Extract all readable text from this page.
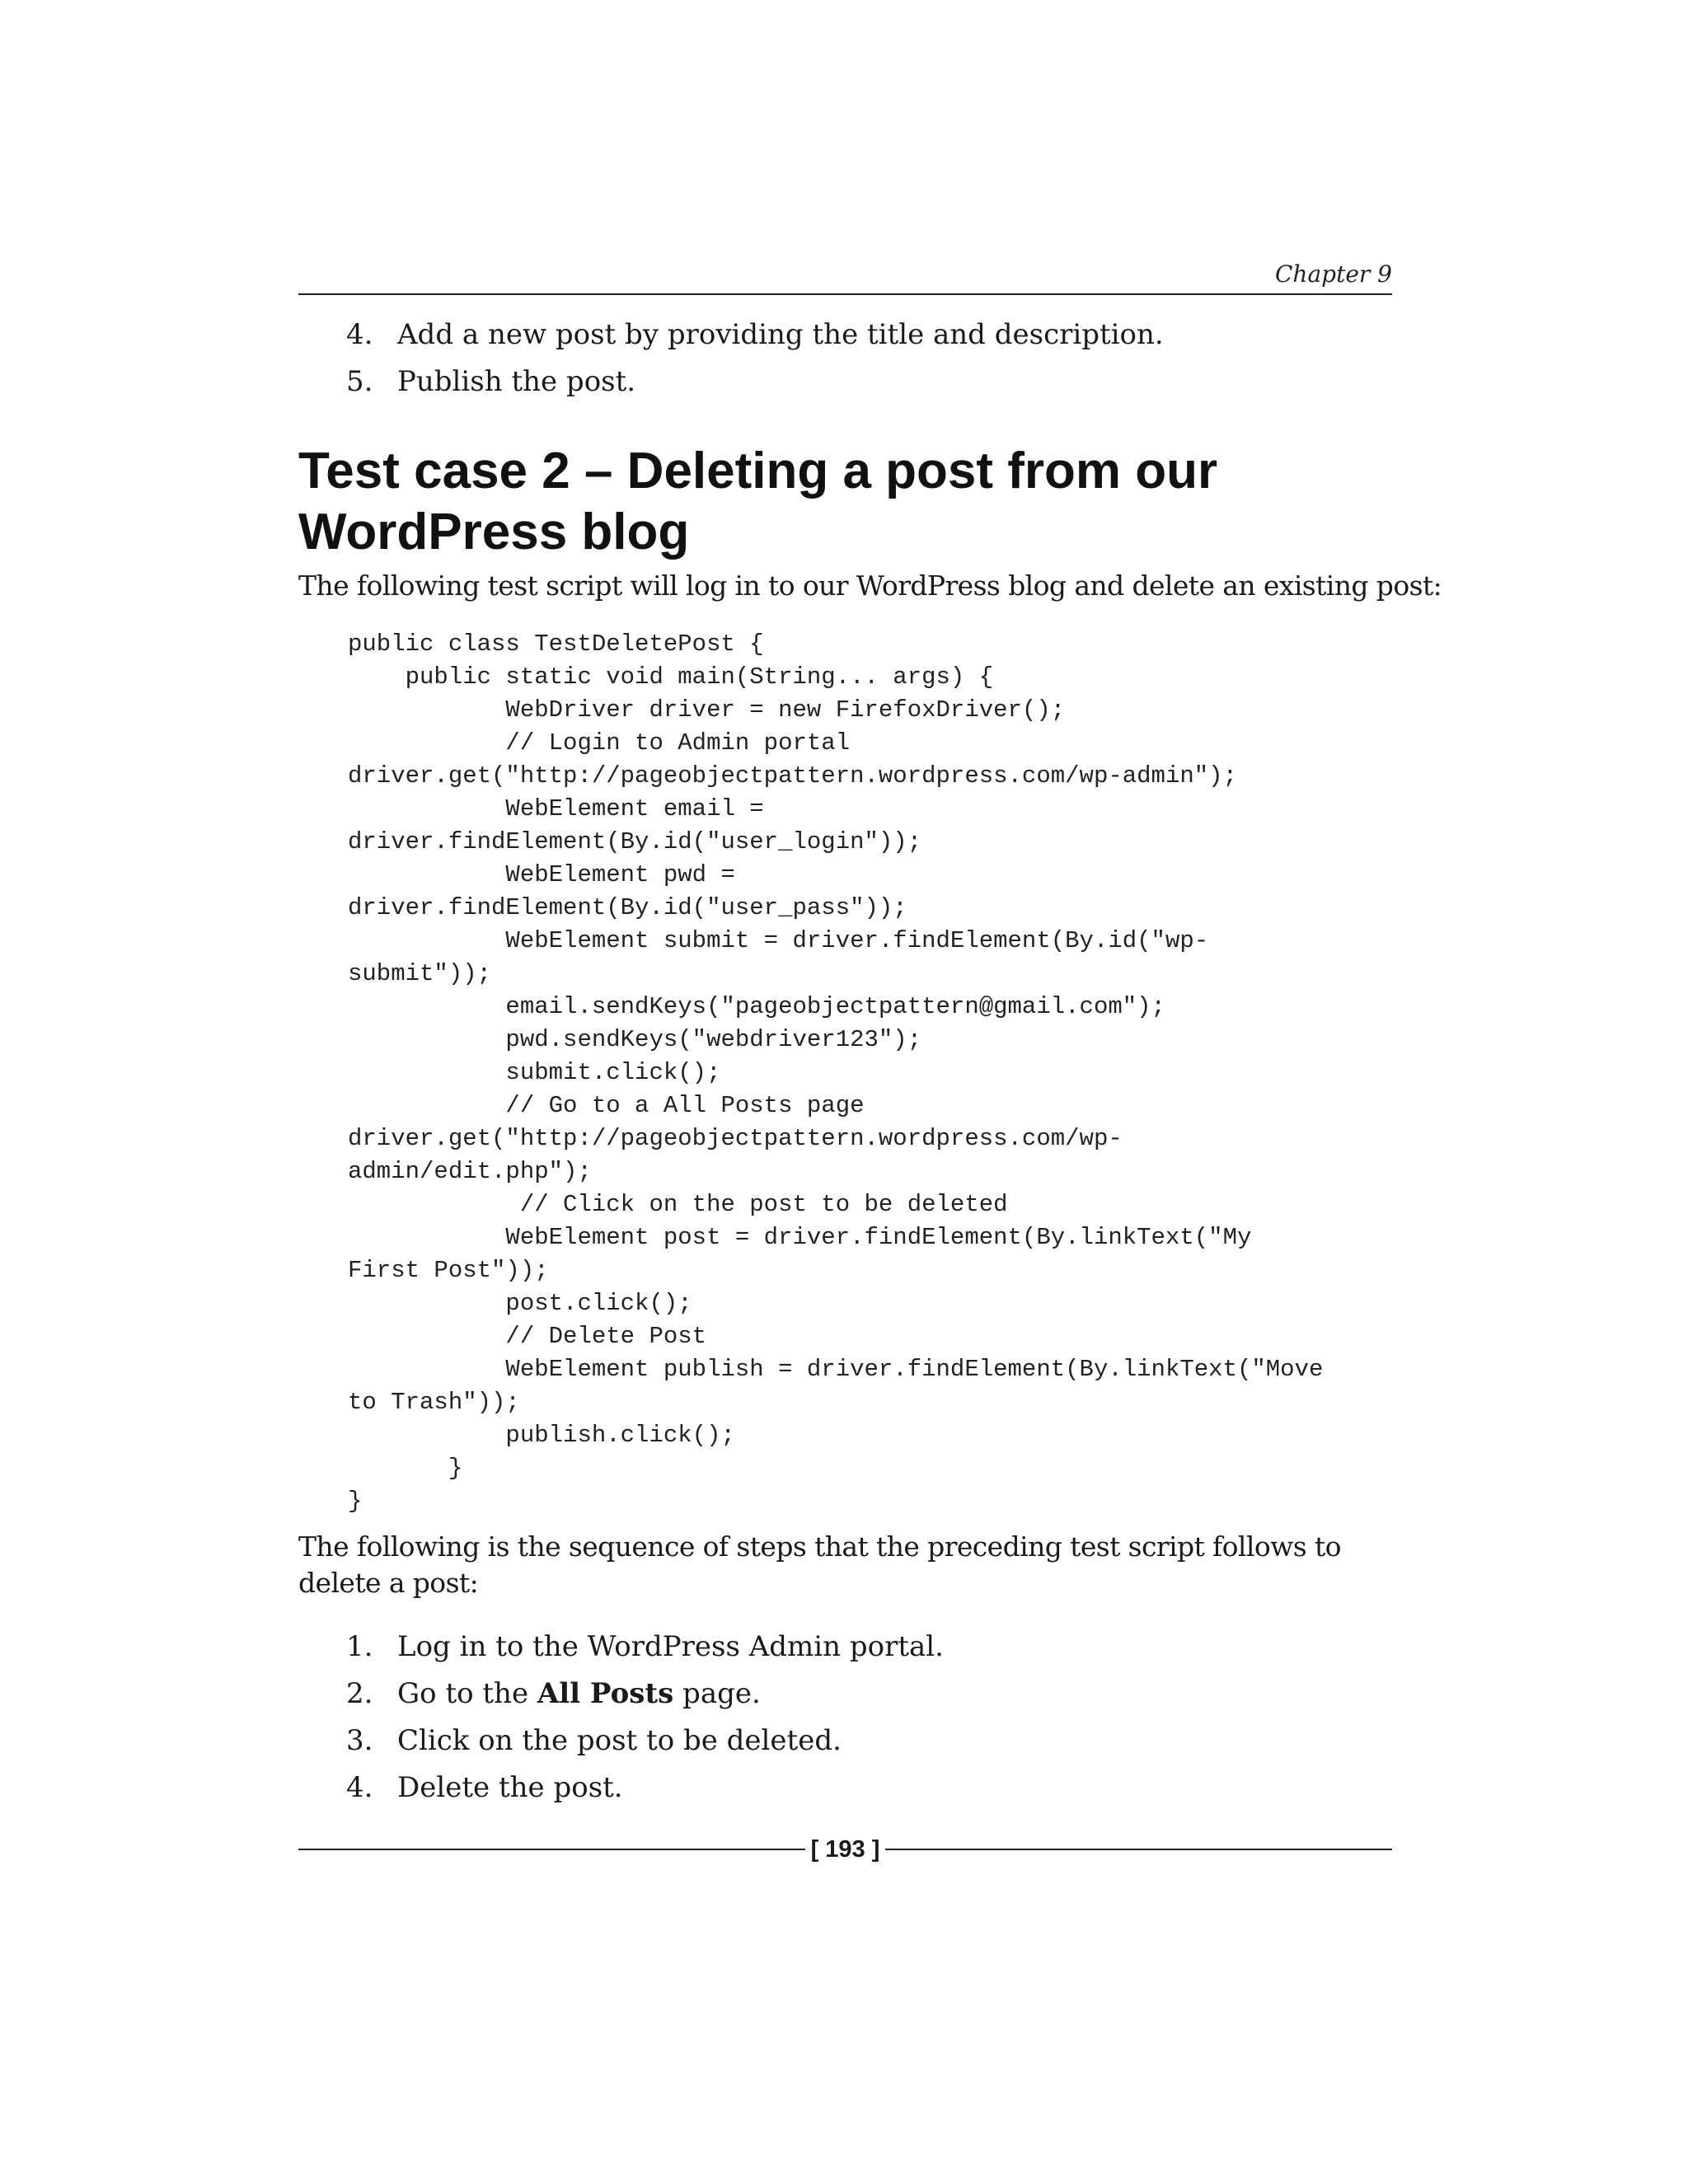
Chapter 9
4. Add a new post by providing the title and description.
5. Publish the post.
Test case 2 – Deleting a post from our
WordPress blog

The following test script will log in to our WordPress blog and delete an existing post:

public class TestDeletePost {
public static void main(String... args) {
WebDriver driver = new FirefoxDriver();
// Login to Admin portal
driver.get("http://pageobjectpattern.wordpress.com/wp-admin");
WebElement email =
driver.findElement(By.id("user_login"));
WebElement pwd =
driver.findElement(By.id("user_pass"));
WebElement submit = driver.findElement(By.id("wp-
submit"));
email.sendKeys("pageobjectpattern@gmail.com");
pwd.sendKeys("webdriver123");
submit.click();
// Go to a All Posts page
driver.get("http://pageobjectpattern.wordpress.com/wp-
admin/edit.php");
// Click on the post to be deleted
WebElement post = driver.findElement(By.linkText("My
First Post"));
post.click();
// Delete Post
WebElement publish = driver.findElement(By.linkText("Move
to Trash"));
publish.click();
}
}

The following is the sequence of steps that the preceding test script follows to delete a post:

1. Log in to the WordPress Admin portal.
2. Go to the All Posts page.
3. Click on the post to be deleted.
4. Delete the post.
[ 193 ]
